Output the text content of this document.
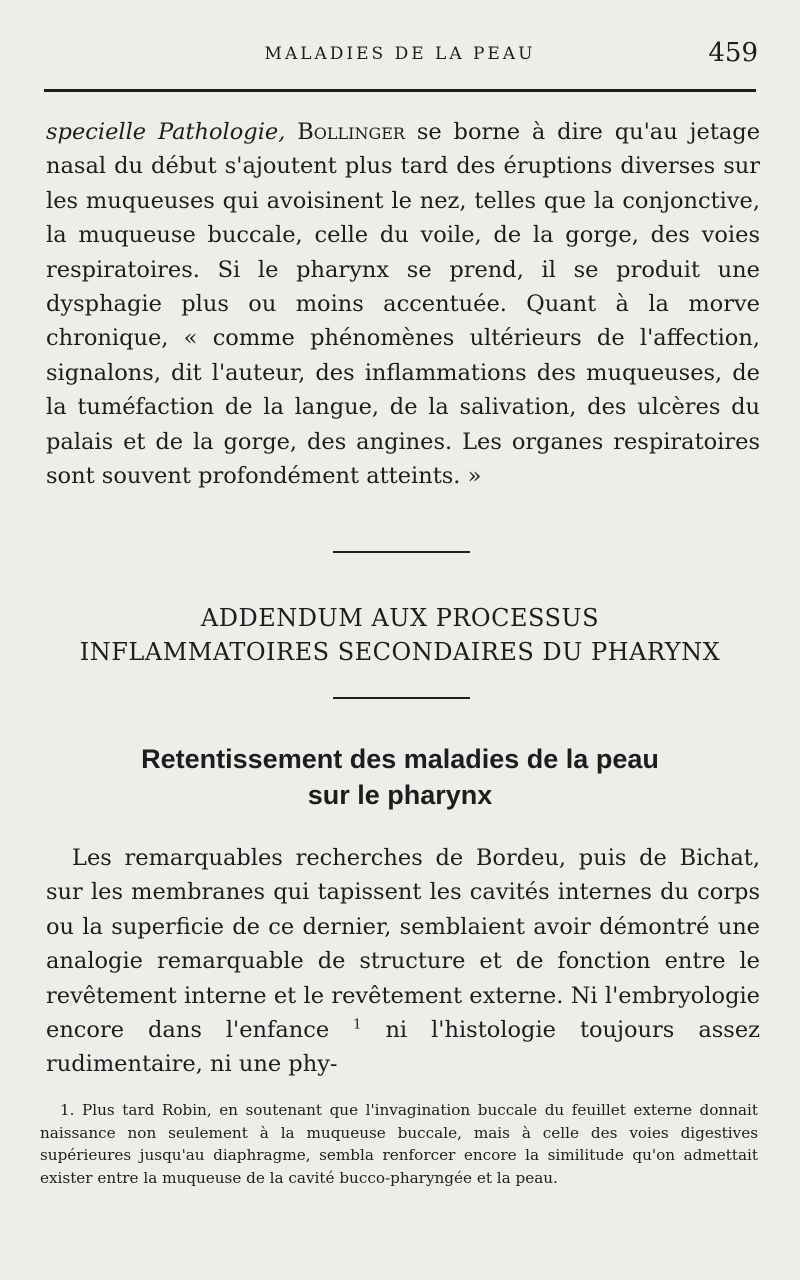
MALADIES DE LA PEAU	459
specielle Pathologie, Bollinger se borne à dire qu'au jetage nasal du début s'ajoutent plus tard des éruptions diverses sur les muqueuses qui avoisinent le nez, telles que la conjonctive, la muqueuse buccale, celle du voile, de la gorge, des voies respiratoires. Si le pharynx se prend, il se produit une dysphagie plus ou moins accentuée. Quant à la morve chronique, « comme phénomènes ultérieurs de l'affection, signalons, dit l'auteur, des inflammations des muqueuses, de la tuméfaction de la langue, de la salivation, des ulcères du palais et de la gorge, des angines. Les organes respiratoires sont souvent profondément atteints. »
ADDENDUM AUX PROCESSUS
INFLAMMATOIRES SECONDAIRES DU PHARYNX
Retentissement des maladies de la peau
sur le pharynx
Les remarquables recherches de Bordeu, puis de Bichat, sur les membranes qui tapissent les cavités internes du corps ou la superficie de ce dernier, semblaient avoir démontré une analogie remarquable de structure et de fonction entre le revêtement interne et le revêtement externe. Ni l'embryologie encore dans l'enfance $^1$ ni l'histologie toujours assez rudimentaire, ni une phy-
1. Plus tard Robin, en soutenant que l'invagination buccale du feuillet externe donnait naissance non seulement à la muqueuse buccale, mais à celle des voies digestives supérieures jusqu'au diaphragme, sembla renforcer encore la similitude qu'on admettait exister entre la muqueuse de la cavité bucco-pharyngée et la peau.
